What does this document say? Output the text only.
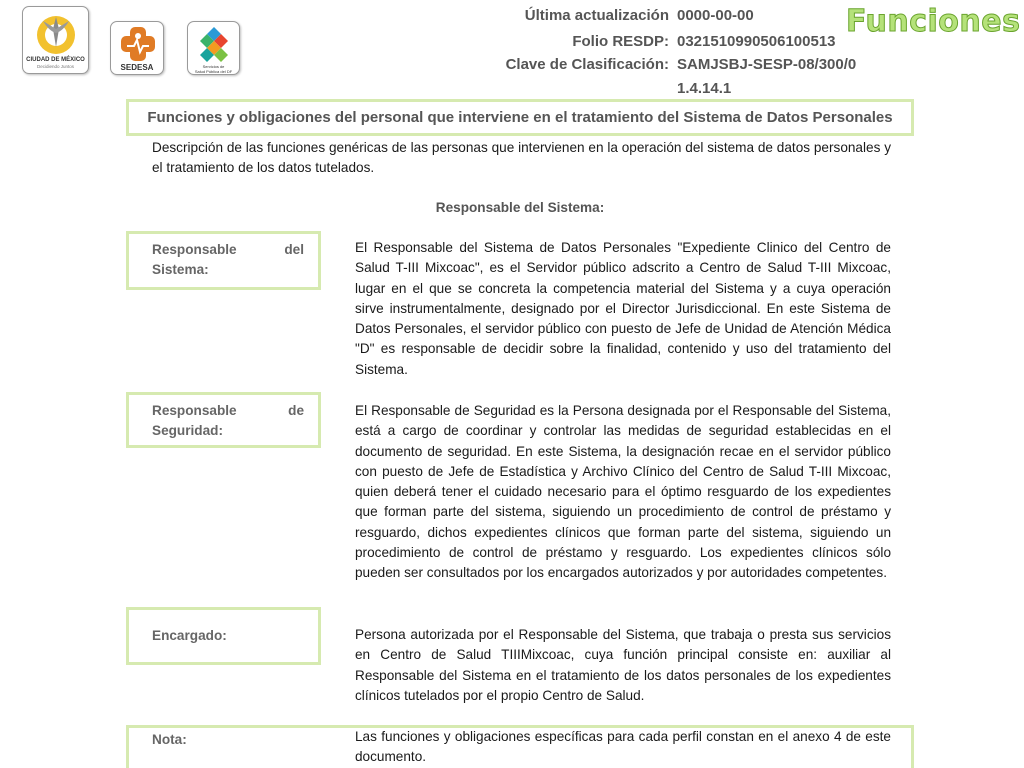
CIUDAD DE MÉXICO
Decidiendo Juntos	SEDESA	Servicios de
Salud Pública del DF
Última actualización 0000-00-00
Folio RESDP: 0321510990506100513
Clave de Clasificación: SAMJSBJ-SESP-08/300/0
1.4.14.1
Funciones
Funciones y obligaciones del personal que interviene en el tratamiento del Sistema de Datos Personales
Descripción de las funciones genéricas de las personas que intervienen en la operación del sistema de datos personales y el tratamiento de los datos tutelados.
Responsable del Sistema:
Responsable del Sistema:
El Responsable del Sistema de Datos Personales "Expediente Clinico del Centro de Salud T-III Mixcoac", es el Servidor público adscrito a Centro de Salud T-III Mixcoac, lugar en el que se concreta la competencia material del Sistema y a cuya operación sirve instrumentalmente, designado por el Director Jurisdiccional. En este Sistema de Datos Personales, el servidor público con puesto de Jefe de Unidad de Atención Médica "D" es responsable de decidir sobre la finalidad, contenido y uso del tratamiento del Sistema.
Responsable de Seguridad:
El Responsable de Seguridad es la Persona designada por el Responsable del Sistema, está a cargo de coordinar y controlar las medidas de seguridad establecidas en el documento de seguridad. En este Sistema, la designación recae en el servidor público con puesto de Jefe de Estadística y Archivo Clínico del Centro de Salud T-III Mixcoac, quien deberá tener el cuidado necesario para el óptimo resguardo de los expedientes que forman parte del sistema, siguiendo un procedimiento de control de préstamo y resguardo, dichos expedientes clínicos que forman parte del sistema, siguiendo un procedimiento de control de préstamo y resguardo. Los expedientes clínicos sólo pueden ser consultados por los encargados autorizados y por autoridades competentes.
Encargado:	Persona autorizada por el Responsable del Sistema, que trabaja o presta sus servicios en Centro de Salud TIIIMixcoac, cuya función principal consiste en: auxiliar al Responsable del Sistema en el tratamiento de los datos personales de los expedientes clínicos tutelados por el propio Centro de Salud.
Nota:	Las funciones y obligaciones específicas para cada perfil constan en el anexo 4 de este documento.
